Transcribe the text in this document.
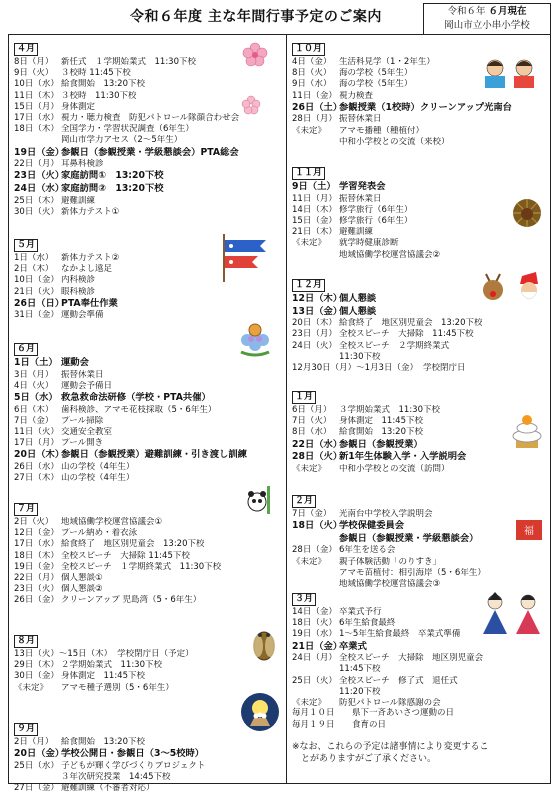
令和６年度 主な年間行事予定のご案内	令和６年 ６月現在
岡山市立小串小学校
４月
8日（月） 新任式　１学期始業式　11:30下校
9日（火） ３校時 11:45下校
10日（水） 給食開始　13:20下校
11日（木） ３校時　11:30下校
15日（月） 身体測定
17日（水） 視力・聴力検査　防犯パトロール隊顔合わせ会
18日（木） 全国学力・学習状況調査（6年生）
岡山市学力アセス（2〜5年生）
19日（金）参観日（参観授業・学級懇談会）PTA総会
22日（月） 耳鼻科検診
23日（火）家庭訪問①　13:20下校
24日（水）家庭訪問②　13:20下校
25日（木） 避難訓練
30日（火） 新体力テスト①
５月
1日（水） 新体力テスト②
2日（木） なかよし遠足
10日（金） 内科検診
21日（火） 眼科検診
26日（日）PTA奉仕作業
31日（金） 運動会準備
６月
1日（土） 運動会
3日（月） 振替休業日
4日（火） 運動会予備日
5日（水） 救急救命法研修（学校・PTA共催）
6日（木） 歯科検診、アマモ花枝採取（5・6年生）
7日（金） プール掃除
11日（火） 交通安全教室
17日（月） プール開き
20日（木）参観日（参観授業）避難訓練・引き渡し訓練
26日（水） 山の学校（4年生）
27日（木） 山の学校（4年生）
７月
2日（火） 地域協働学校運営協議会①
12日（金） プール納め・着衣泳
17日（水） 給食終了　地区別児童会　13:20下校
18日（木） 全校スピーチ　大掃除 11:45下校
19日（金） 全校スピーチ　１学期終業式　11:30下校
22日（月） 個人懇談①
23日（火） 個人懇談②
26日（金） クリーンアップ 児島湾（5・6年生）
８月
13日（火）〜15日（木） 学校閉庁日（予定）
29日（木） ２学期始業式　11:30下校
30日（金） 身体測定　11:45下校
《未定》 アマモ種子選別（5・6年生）
９月
2日（月） 給食開始　13:20下校
20日（金）学校公開日・参観日（3〜5校時）
25日（水） 子どもが輝く学びづくりプロジェクト
３年次研究授業　14:45下校
27日（金） 避難訓練（不審者対応）
１０月
4日（金） 生活科見学（1・2年生）
8日（火） 海の学校（5年生）
9日（水） 海の学校（5年生）
11日（金） 視力検査
26日（土）参観授業（1校時）クリーンアップ光南台
28日（月） 振替休業日
《未定》 アマモ播種（種植付）
中和小学校との交流（来校）
１１月
9日（土） 学習発表会
11日（月） 振替休業日
14日（木） 修学旅行（6年生）
15日（金） 修学旅行（6年生）
21日（木） 避難訓練
《未定》 就学時健康診断
地域協働学校運営協議会②
１２月
12日（木）個人懇談
13日（金）個人懇談
20日（木） 給食終了　地区別児童会　13:20下校
23日（月） 全校スピーチ　大掃除　11:45下校
24日（火） 全校スピーチ　２学期終業式
11:30下校
12月30日（月）〜1月3日（金） 学校閉庁日
１月
6日（月） ３学期始業式　11:30下校
7日（火） 身体測定　11:45下校
8日（水） 給食開始　13:20下校
22日（水）参観日（参観授業）
28日（火）新1年生体験入学・入学説明会
《未定》 中和小学校との交流（訪問）
２月
7日（金） 光南台中学校入学説明会
18日（火）学校保健委員会
参観日（参観授業・学級懇談会）
28日（金） 6年生を送る会
《未定》 親子体験活動「のりすき」
アマモ苗植付：相引海岸（5・6年生）
地域協働学校運営協議会③
３月
14日（金） 卒業式予行
18日（火） 6年生給食最終
19日（水） 1〜5年生給食最終　卒業式準備
21日（金）卒業式
24日（月） 全校スピーチ　大掃除　地区別児童会
11:45下校
25日（火） 全校スピーチ　修了式　退任式
11:20下校
《未定》 防犯パトロール隊感謝の会
毎月１０日 県下一斉あいさつ運動の日
毎月１９日 食育の日
※なお、これらの予定は諸事情により変更するこ
　とがありますがご了承ください。
福
